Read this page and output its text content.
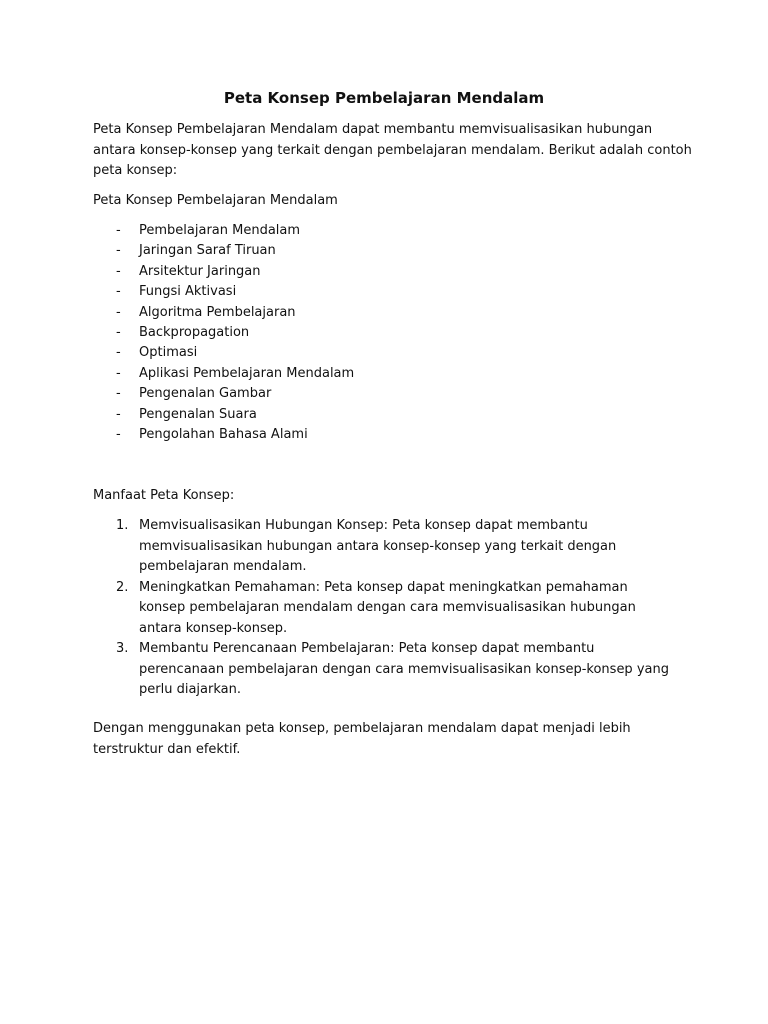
Peta Konsep Pembelajaran Mendalam

Peta Konsep Pembelajaran Mendalam dapat membantu memvisualisasikan hubungan antara konsep-konsep yang terkait dengan pembelajaran mendalam. Berikut adalah contoh peta konsep:

Peta Konsep Pembelajaran Mendalam

- Pembelajaran Mendalam
- Jaringan Saraf Tiruan
- Arsitektur Jaringan
- Fungsi Aktivasi
- Algoritma Pembelajaran
- Backpropagation
- Optimasi
- Aplikasi Pembelajaran Mendalam
- Pengenalan Gambar
- Pengenalan Suara
- Pengolahan Bahasa Alami

Manfaat Peta Konsep:

1. Memvisualisasikan Hubungan Konsep: Peta konsep dapat membantu memvisualisasikan hubungan antara konsep-konsep yang terkait dengan pembelajaran mendalam.
2. Meningkatkan Pemahaman: Peta konsep dapat meningkatkan pemahaman konsep pembelajaran mendalam dengan cara memvisualisasikan hubungan antara konsep-konsep.
3. Membantu Perencanaan Pembelajaran: Peta konsep dapat membantu perencanaan pembelajaran dengan cara memvisualisasikan konsep-konsep yang perlu diajarkan.

Dengan menggunakan peta konsep, pembelajaran mendalam dapat menjadi lebih terstruktur dan efektif.
